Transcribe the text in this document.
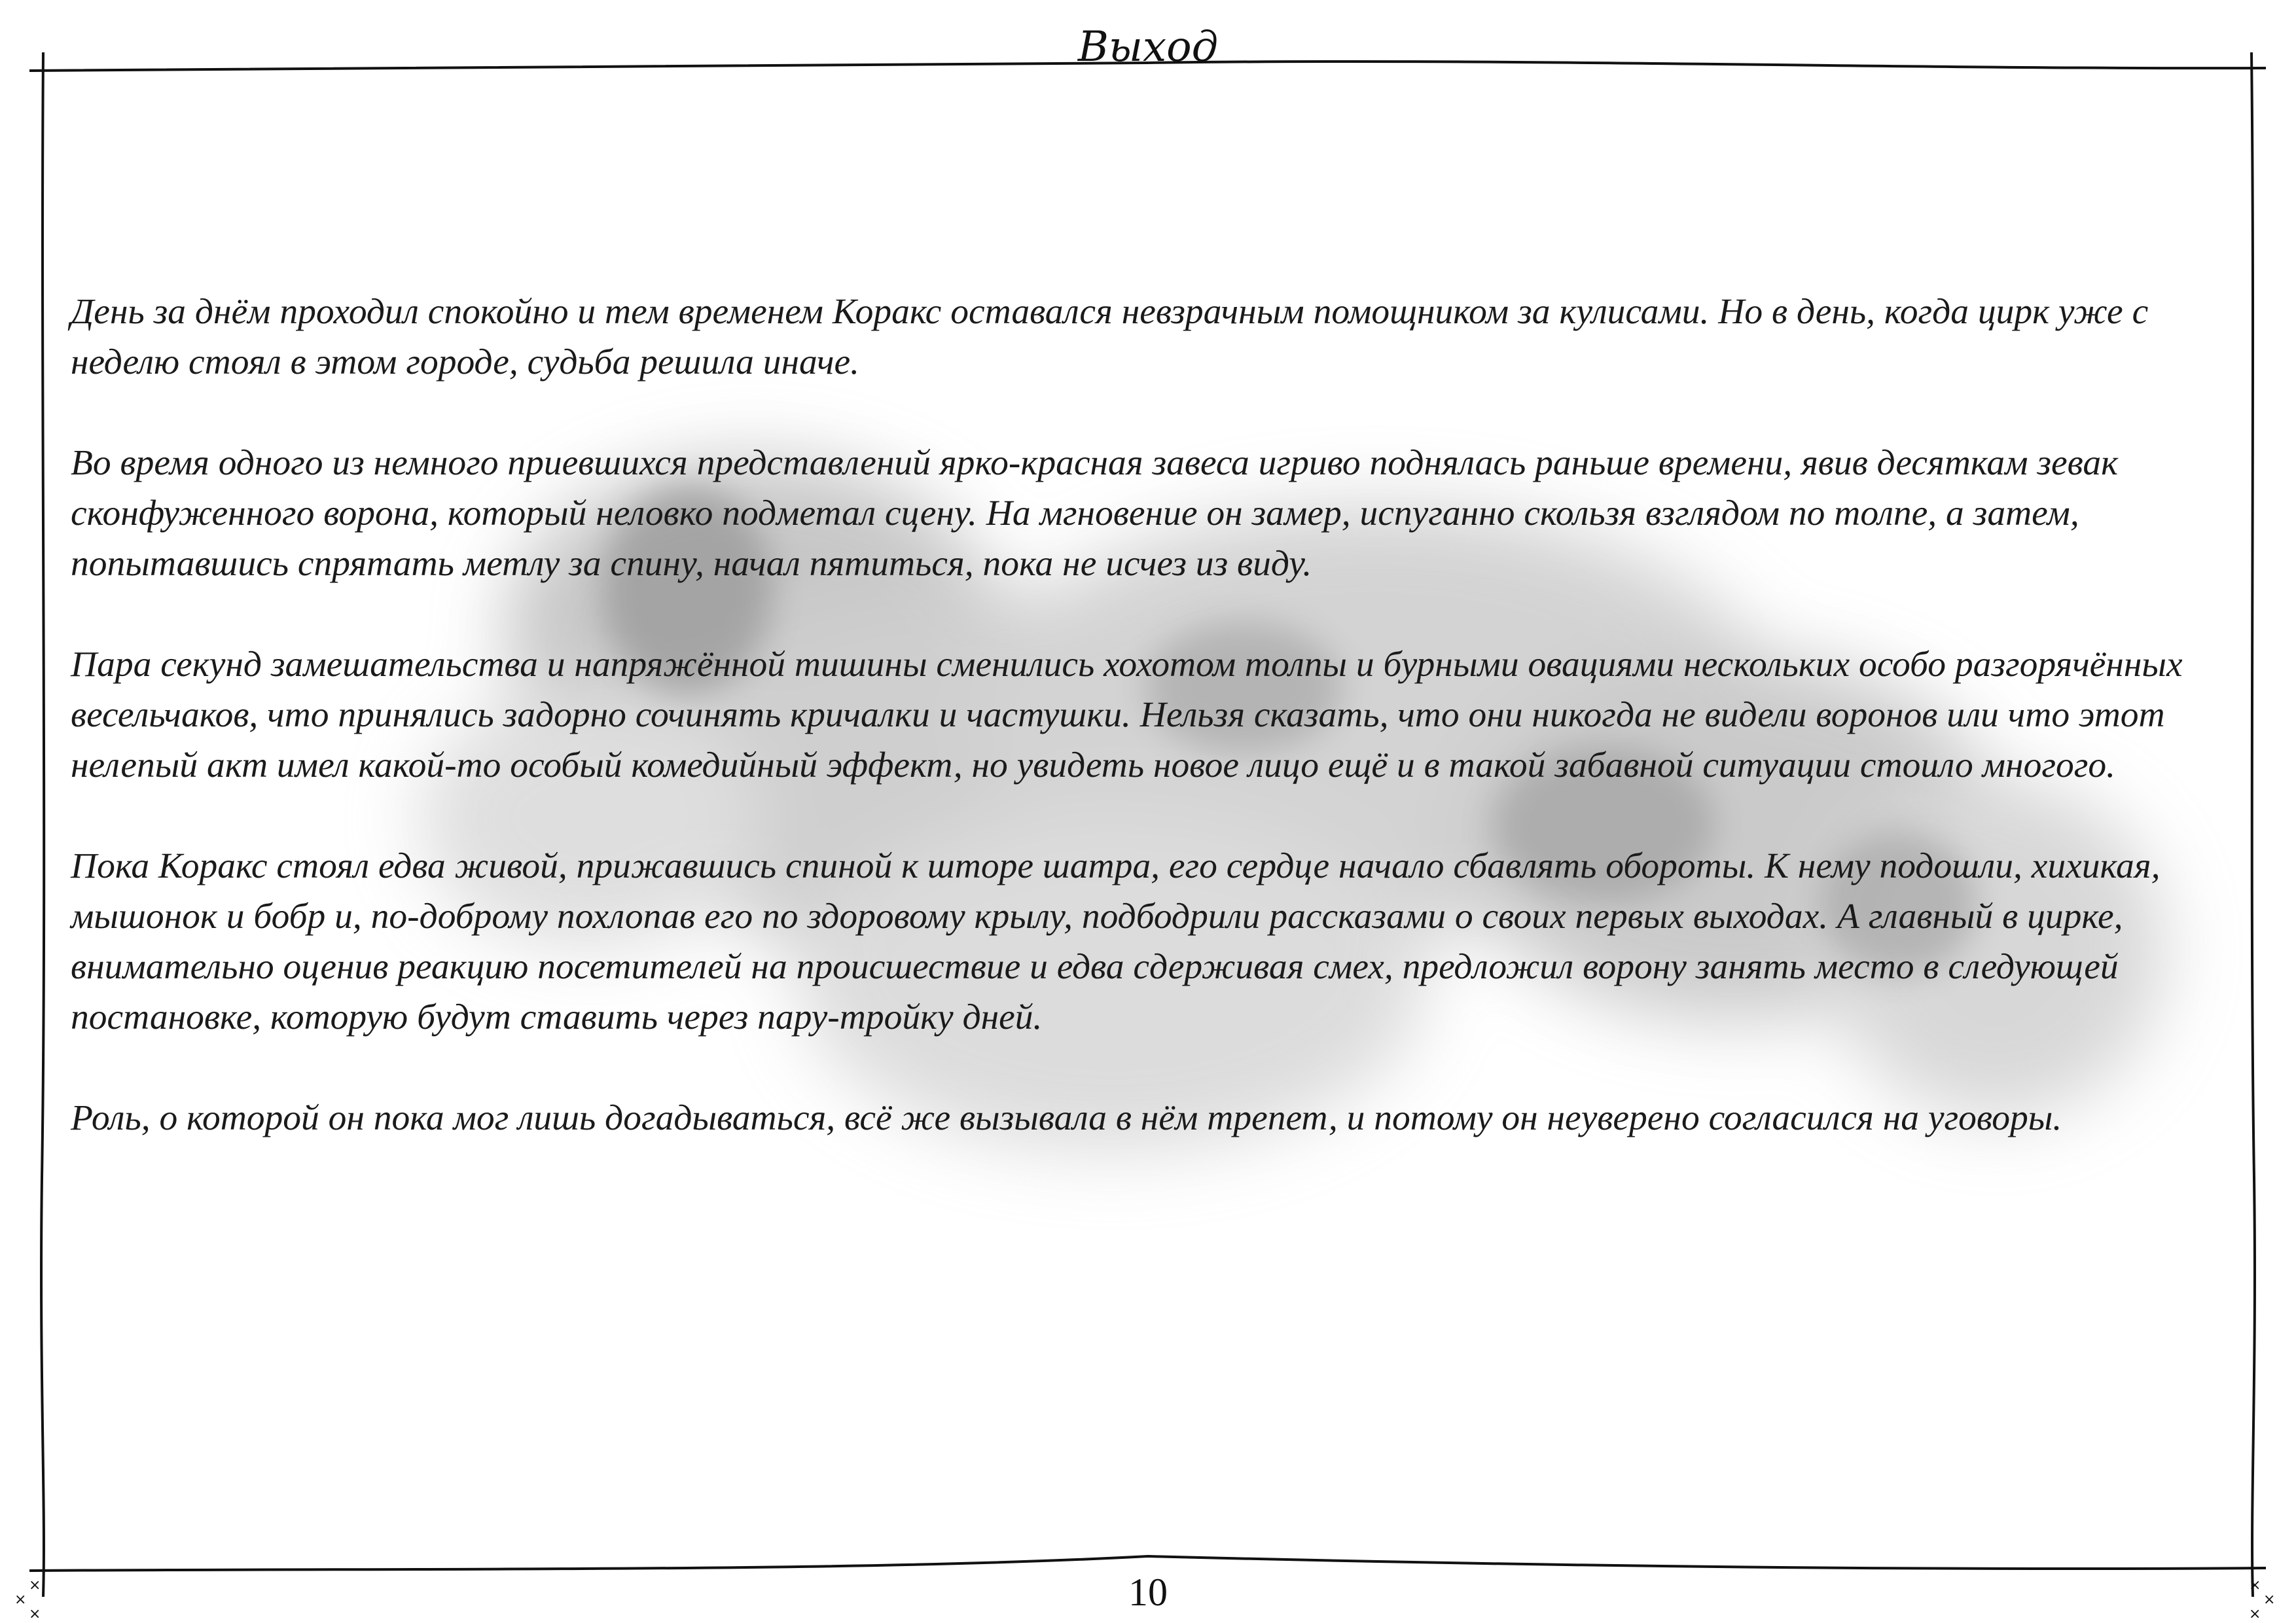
×
×
×
×
×
×
Выход

День за днём проходил спокойно и тем временем Коракс оставался невзрачным помощником за кулисами. Но в день, когда цирк уже с неделю стоял в этом городе, судьба решила иначе.

Во время одного из немного приевшихся представлений ярко-красная завеса игриво поднялась раньше времени, явив десяткам зевак сконфуженного ворона, который неловко подметал сцену. На мгновение он замер, испуганно скользя взглядом по толпе, а затем, попытавшись спрятать метлу за спину, начал пятиться, пока не исчез из виду.

Пара секунд замешательства и напряжённой тишины сменились хохотом толпы и бурными овациями нескольких особо разгорячённых весельчаков, что принялись задорно сочинять кричалки и частушки. Нельзя сказать, что они никогда не видели воронов или что этот нелепый акт имел какой-то особый комедийный эффект, но увидеть новое лицо ещё и в такой забавной ситуации стоило многого.

Пока Коракс стоял едва живой, прижавшись спиной к шторе шатра, его сердце начало сбавлять обороты. К нему подошли, хихикая, мышонок и бобр и, по-доброму похлопав его по здоровому крылу, подбодрили рассказами о своих первых выходах. А главный в цирке, внимательно оценив реакцию посетителей на происшествие и едва сдерживая смех, предложил ворону занять место в следующей постановке, которую будут ставить через пару-тройку дней.

Роль, о которой он пока мог лишь догадываться, всё же вызывала в нём трепет, и потому он неуверено согласился на уговоры.

10
